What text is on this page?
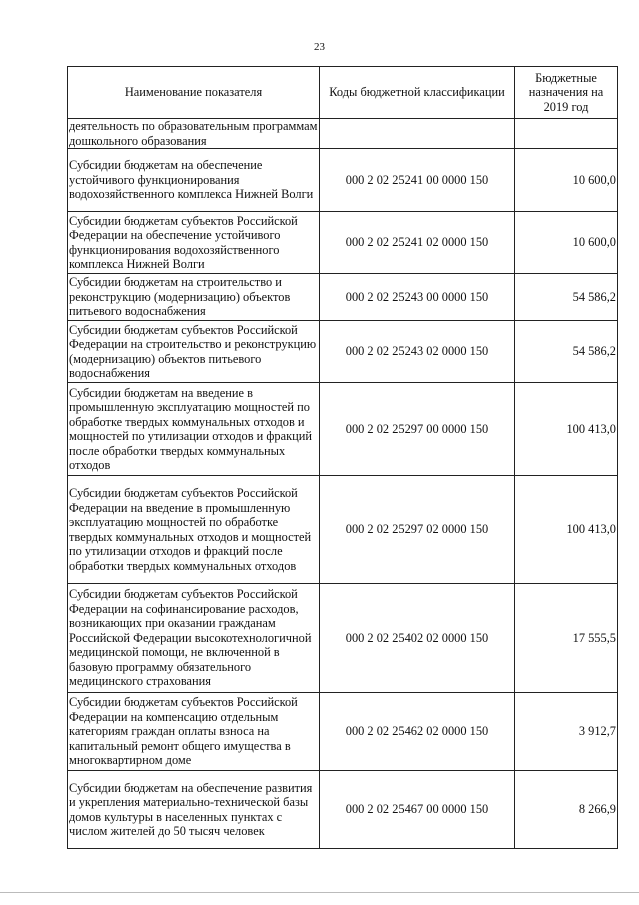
23
Наименование показателя	Коды бюджетной классификации	Бюджетные назначения на 2019 год
деятельность по образовательным программам дошкольного образования		
Субсидии бюджетам на обеспечение устойчивого функционирования водохозяйственного комплекса Нижней Волги	000 2 02 25241 00 0000 150	10 600,0
Субсидии бюджетам субъектов Российской Федерации на обеспечение устойчивого функционирования водохозяйственного комплекса Нижней Волги	000 2 02 25241 02 0000 150	10 600,0
Субсидии бюджетам на строительство и реконструкцию (модернизацию) объектов питьевого водоснабжения	000 2 02 25243 00 0000 150	54 586,2
Субсидии бюджетам субъектов Российской Федерации на строительство и реконструкцию (модернизацию) объектов питьевого водоснабжения	000 2 02 25243 02 0000 150	54 586,2
Субсидии бюджетам на введение в промышленную эксплуатацию мощностей по обработке твердых коммунальных отходов и мощностей по утилизации отходов и фракций после обработки твердых коммунальных отходов	000 2 02 25297 00 0000 150	100 413,0
Субсидии бюджетам субъектов Российской Федерации на введение в промышленную эксплуатацию мощностей по обработке твердых коммунальных отходов и мощностей по утилизации отходов и фракций после обработки твердых коммунальных отходов	000 2 02 25297 02 0000 150	100 413,0
Субсидии бюджетам субъектов Российской Федерации на софинансирование расходов, возникающих при оказании гражданам Российской Федерации высокотехнологичной медицинской помощи, не включенной в базовую программу обязательного медицинского страхования	000 2 02 25402 02 0000 150	17 555,5
Субсидии бюджетам субъектов Российской Федерации на компенсацию отдельным категориям граждан оплаты взноса на капитальный ремонт общего имущества в многоквартирном доме	000 2 02 25462 02 0000 150	3 912,7
Субсидии бюджетам на обеспечение развития и укрепления материально-технической базы домов культуры в населенных пунктах с числом жителей до 50 тысяч человек	000 2 02 25467 00 0000 150	8 266,9
